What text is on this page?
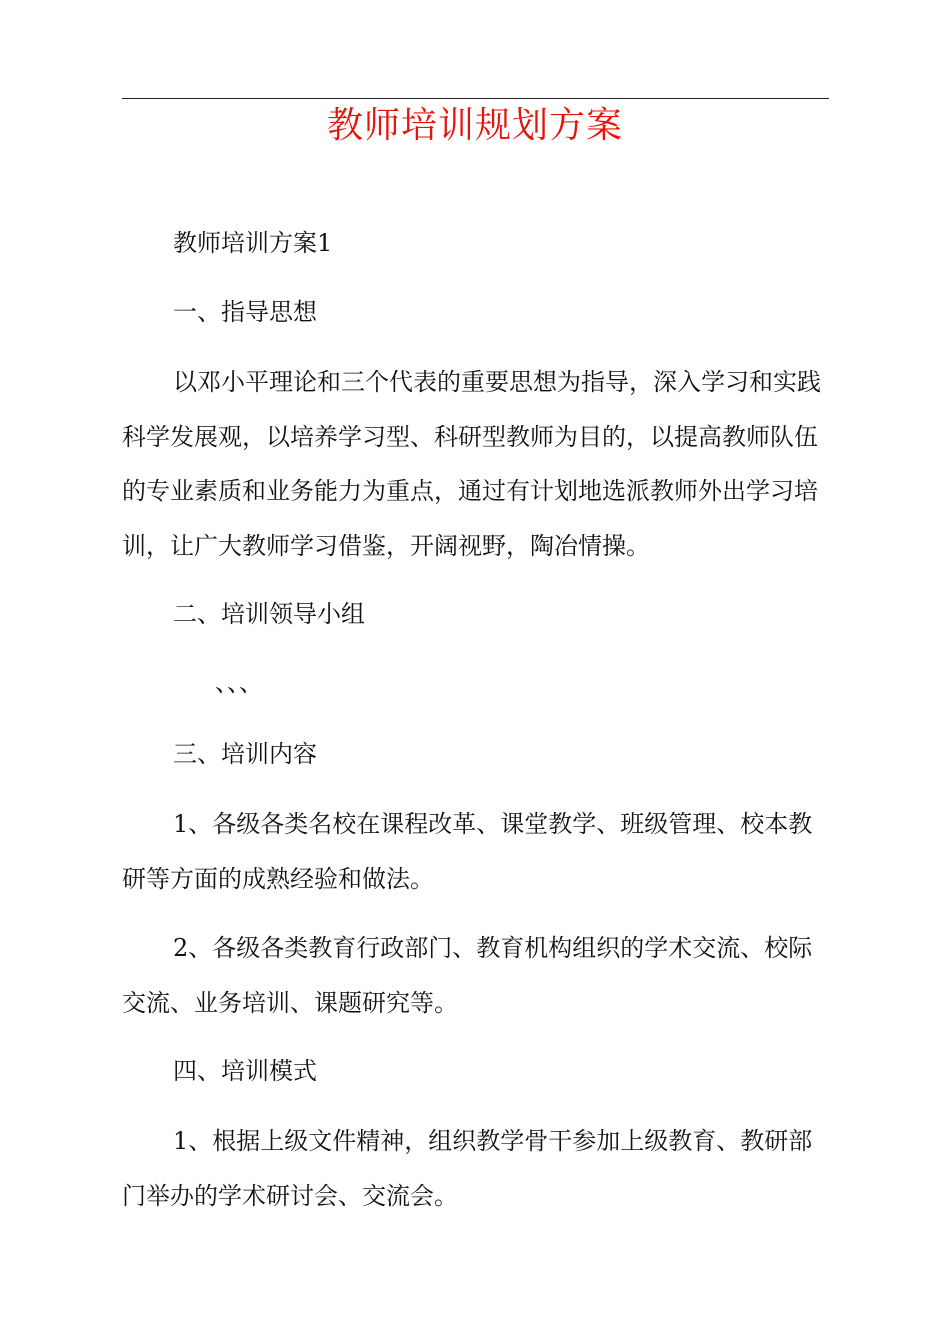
教师培训规划方案

教师培训方案1

一、指导思想

以邓小平理论和三个代表的重要思想为指导，深入学习和实践科学发展观，以培养学习型、科研型教师为目的，以提高教师队伍的专业素质和业务能力为重点，通过有计划地选派教师外出学习培训，让广大教师学习借鉴，开阔视野，陶冶情操。

二、培训领导小组

、、、

三、培训内容

1、各级各类名校在课程改革、课堂教学、班级管理、校本教研等方面的成熟经验和做法。

2、各级各类教育行政部门、教育机构组织的学术交流、校际交流、业务培训、课题研究等。

四、培训模式

1、根据上级文件精神，组织教学骨干参加上级教育、教研部门举办的学术研讨会、交流会。
